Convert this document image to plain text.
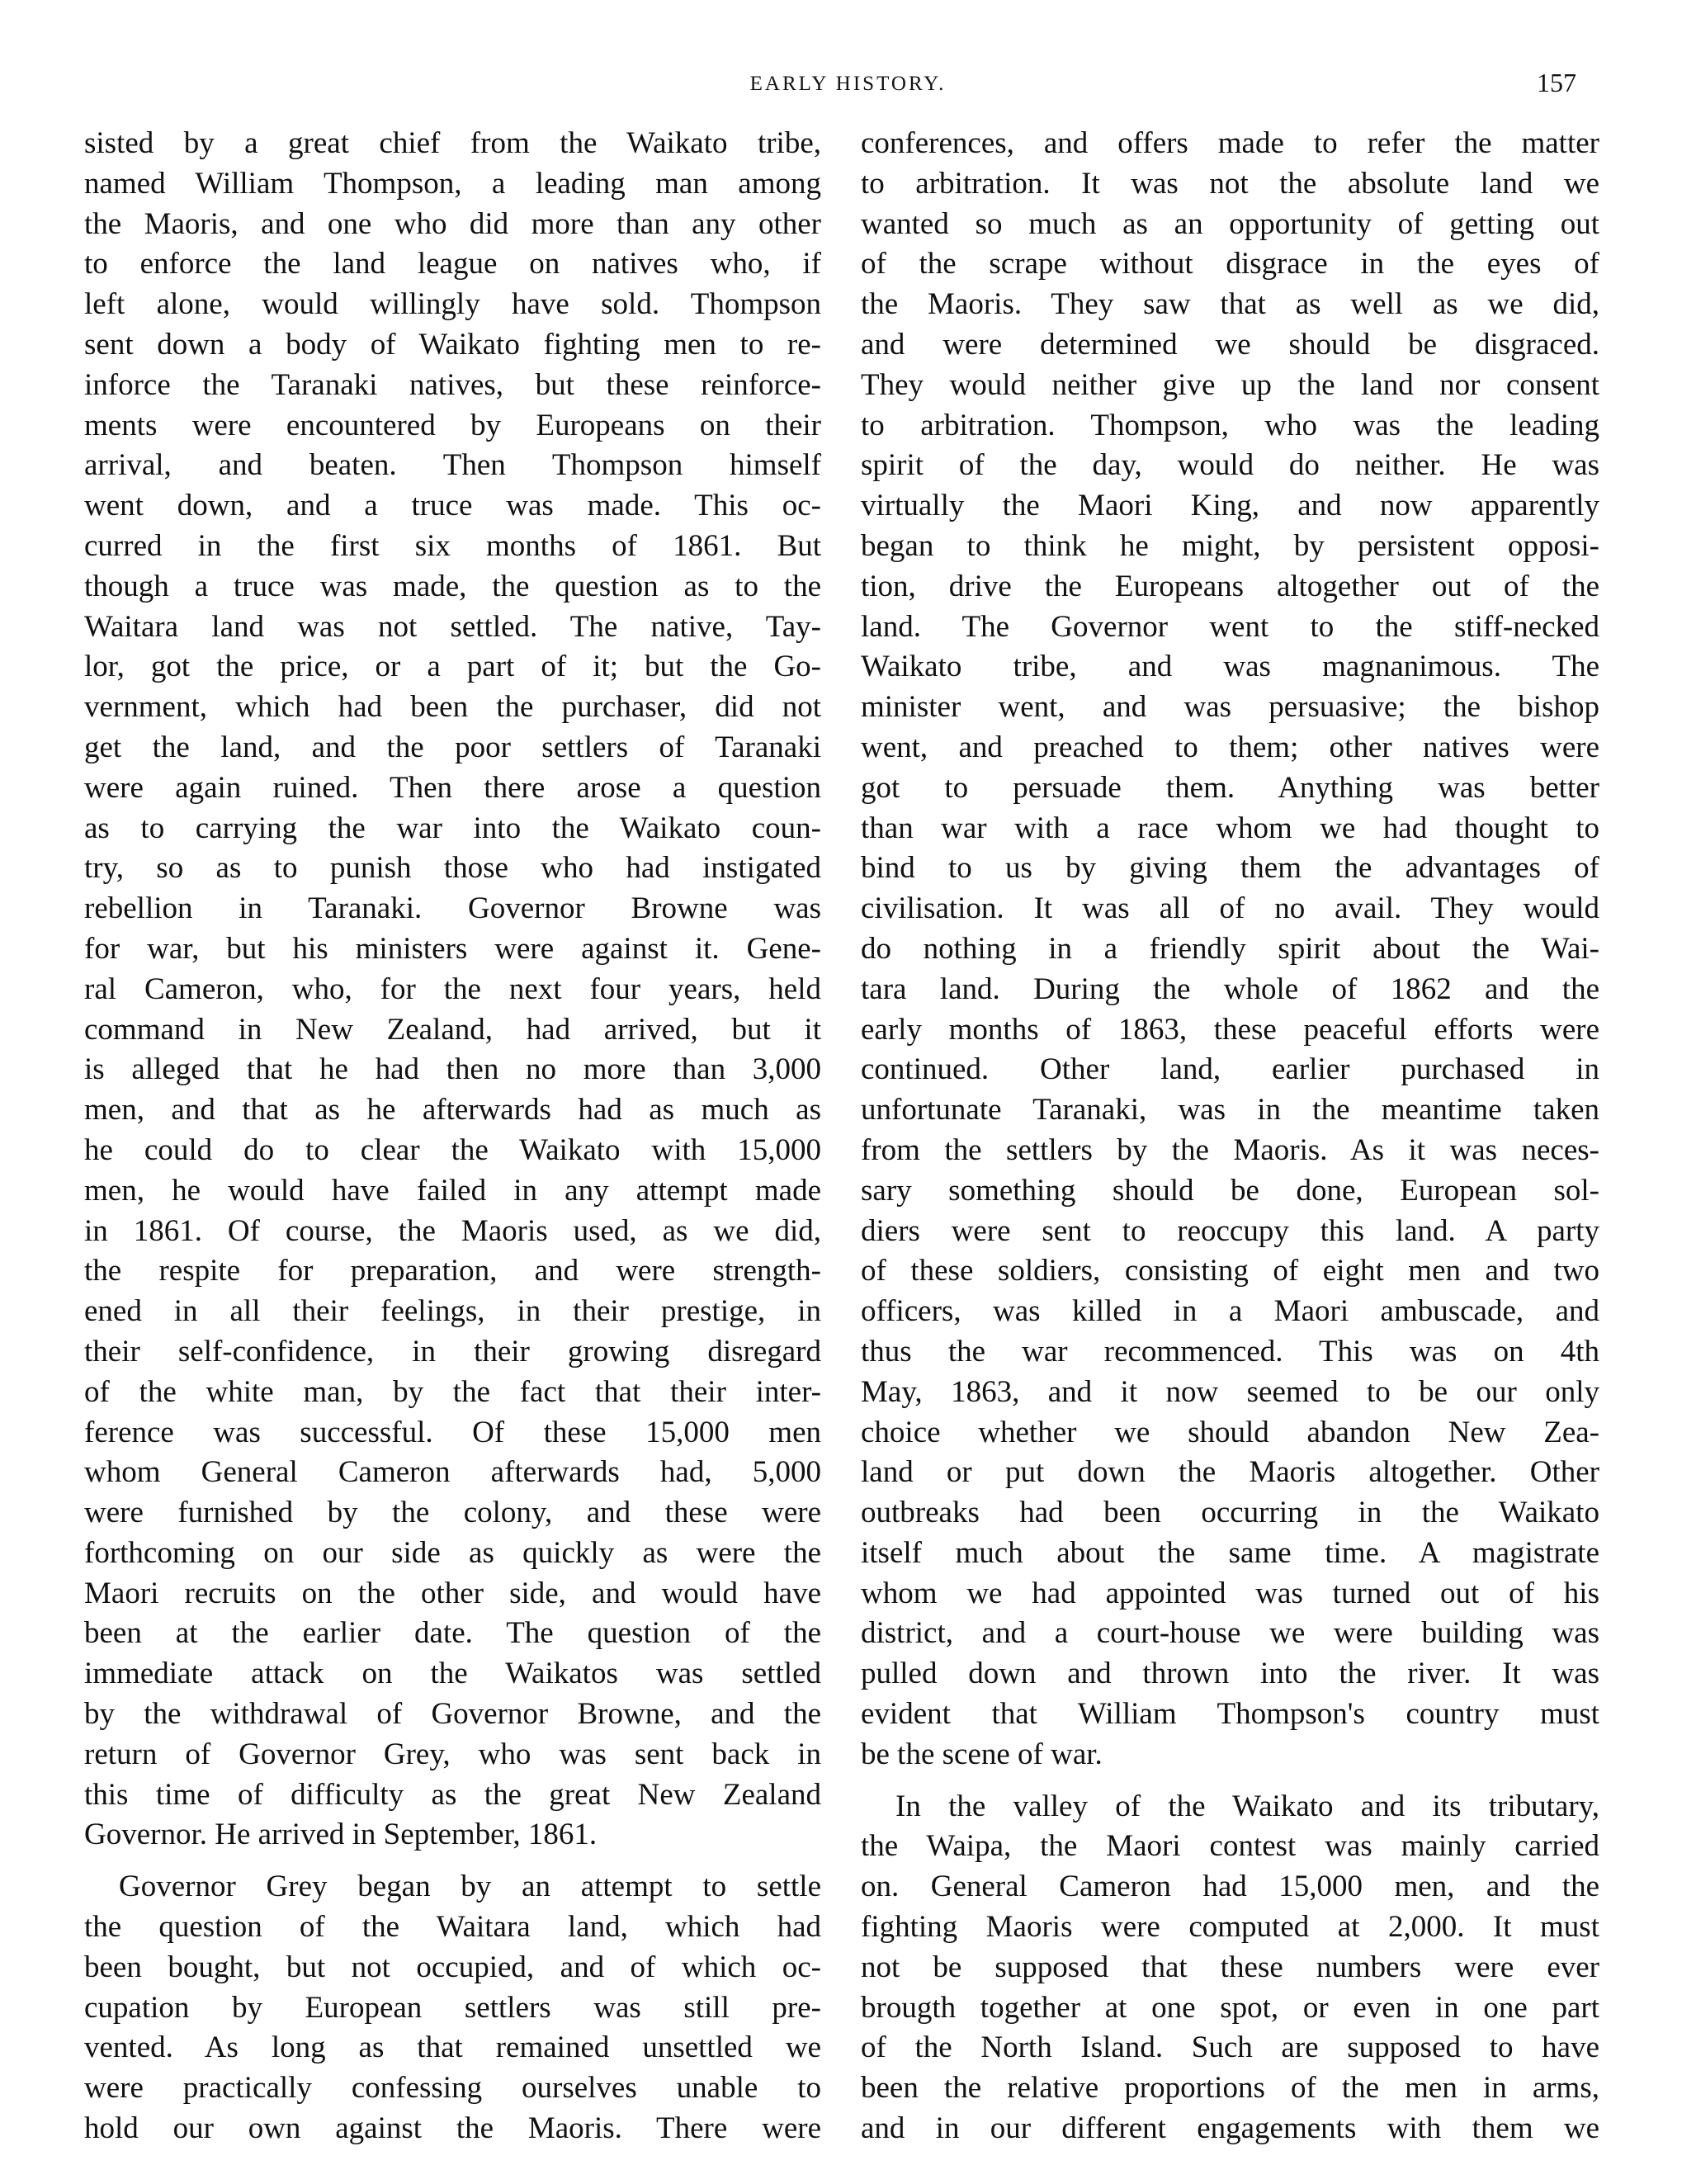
EARLY HISTORY.	157
sisted by a great chief from the Waikato tribe,
named William Thompson, a leading man among
the Maoris, and one who did more than any other
to enforce the land league on natives who, if
left alone, would willingly have sold. Thompson
sent down a body of Waikato fighting men to re-
inforce the Taranaki natives, but these reinforce-
ments were encountered by Europeans on their
arrival, and beaten. Then Thompson himself
went down, and a truce was made. This oc-
curred in the first six months of 1861. But
though a truce was made, the question as to the
Waitara land was not settled. The native, Tay-
lor, got the price, or a part of it; but the Go-
vernment, which had been the purchaser, did not
get the land, and the poor settlers of Taranaki
were again ruined. Then there arose a question
as to carrying the war into the Waikato coun-
try, so as to punish those who had instigated
rebellion in Taranaki. Governor Browne was
for war, but his ministers were against it. Gene-
ral Cameron, who, for the next four years, held
command in New Zealand, had arrived, but it
is alleged that he had then no more than 3,000
men, and that as he afterwards had as much as
he could do to clear the Waikato with 15,000
men, he would have failed in any attempt made
in 1861. Of course, the Maoris used, as we did,
the respite for preparation, and were strength-
ened in all their feelings, in their prestige, in
their self-confidence, in their growing disregard
of the white man, by the fact that their inter-
ference was successful. Of these 15,000 men
whom General Cameron afterwards had, 5,000
were furnished by the colony, and these were
forthcoming on our side as quickly as were the
Maori recruits on the other side, and would have
been at the earlier date. The question of the
immediate attack on the Waikatos was settled
by the withdrawal of Governor Browne, and the
return of Governor Grey, who was sent back in
this time of difficulty as the great New Zealand
Governor. He arrived in September, 1861.
Governor Grey began by an attempt to settle
the question of the Waitara land, which had
been bought, but not occupied, and of which oc-
cupation by European settlers was still pre-
vented. As long as that remained unsettled we
were practically confessing ourselves unable to
hold our own against the Maoris. There were
conferences, and offers made to refer the matter
to arbitration. It was not the absolute land we
wanted so much as an opportunity of getting out
of the scrape without disgrace in the eyes of
the Maoris. They saw that as well as we did,
and were determined we should be disgraced.
They would neither give up the land nor consent
to arbitration. Thompson, who was the leading
spirit of the day, would do neither. He was
virtually the Maori King, and now apparently
began to think he might, by persistent opposi-
tion, drive the Europeans altogether out of the
land. The Governor went to the stiff-necked
Waikato tribe, and was magnanimous. The
minister went, and was persuasive; the bishop
went, and preached to them; other natives were
got to persuade them. Anything was better
than war with a race whom we had thought to
bind to us by giving them the advantages of
civilisation. It was all of no avail. They would
do nothing in a friendly spirit about the Wai-
tara land. During the whole of 1862 and the
early months of 1863, these peaceful efforts were
continued. Other land, earlier purchased in
unfortunate Taranaki, was in the meantime taken
from the settlers by the Maoris. As it was neces-
sary something should be done, European sol-
diers were sent to reoccupy this land. A party
of these soldiers, consisting of eight men and two
officers, was killed in a Maori ambuscade, and
thus the war recommenced. This was on 4th
May, 1863, and it now seemed to be our only
choice whether we should abandon New Zea-
land or put down the Maoris altogether. Other
outbreaks had been occurring in the Waikato
itself much about the same time. A magistrate
whom we had appointed was turned out of his
district, and a court-house we were building was
pulled down and thrown into the river. It was
evident that William Thompson's country must
be the scene of war.
In the valley of the Waikato and its tributary,
the Waipa, the Maori contest was mainly carried
on. General Cameron had 15,000 men, and the
fighting Maoris were computed at 2,000. It must
not be supposed that these numbers were ever
brougth together at one spot, or even in one part
of the North Island. Such are supposed to have
been the relative proportions of the men in arms,
and in our different engagements with them we
